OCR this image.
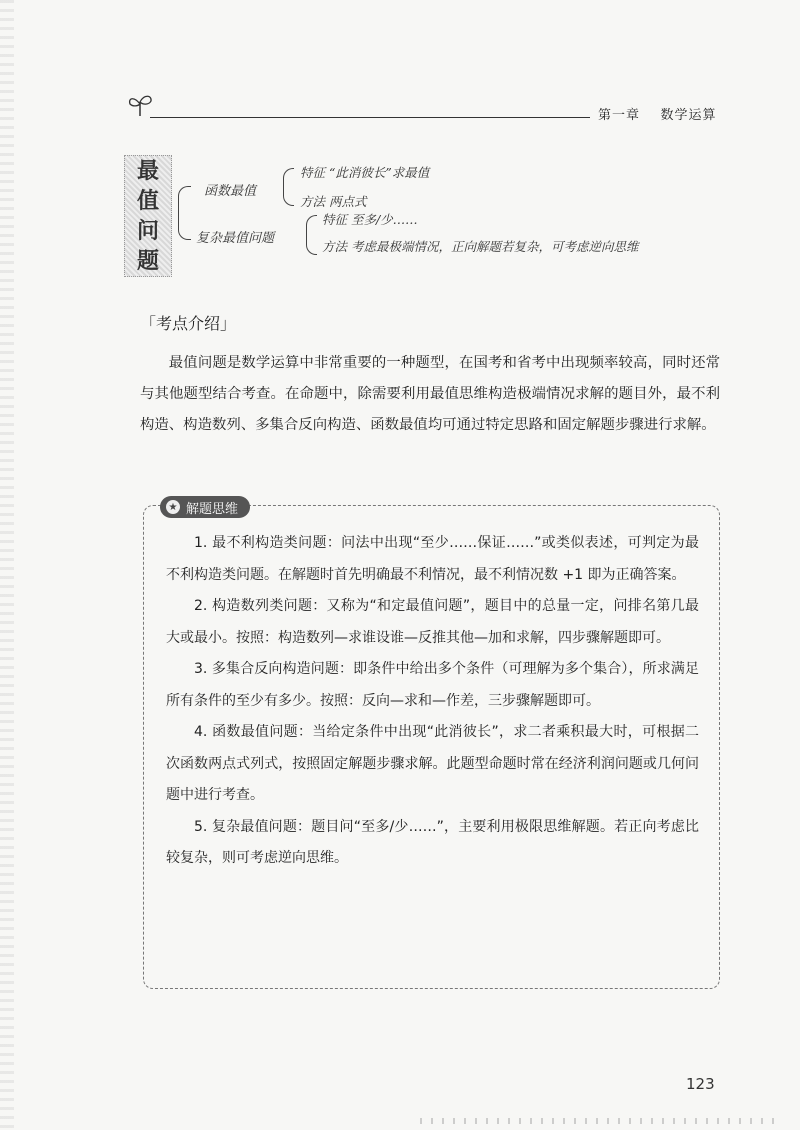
第一章 数学运算
最
值
问
题
函数最值
特征 “此消彼长”求最值
方法 两点式
复杂最值问题
特征 至多/少……
方法 考虑最极端情况，正向解题若复杂，可考虑逆向思维
「考点介绍」

最值问题是数学运算中非常重要的一种题型，在国考和省考中出现频率较高，同时还常与其他题型结合考查。在命题中，除需要利用最值思维构造极端情况求解的题目外，最不利构造、构造数列、多集合反向构造、函数最值均可通过特定思路和固定解题步骤进行求解。

★ 解题思维

1. 最不利构造类问题：问法中出现“至少……保证……”或类似表述，可判定为最不利构造类问题。在解题时首先明确最不利情况，最不利情况数 +1 即为正确答案。

2. 构造数列类问题：又称为“和定最值问题”，题目中的总量一定，问排名第几最大或最小。按照：构造数列—求谁设谁—反推其他—加和求解，四步骤解题即可。

3. 多集合反向构造问题：即条件中给出多个条件（可理解为多个集合），所求满足所有条件的至少有多少。按照：反向—求和—作差，三步骤解题即可。

4. 函数最值问题：当给定条件中出现“此消彼长”，求二者乘积最大时，可根据二次函数两点式列式，按照固定解题步骤求解。此题型命题时常在经济利润问题或几何问题中进行考查。

5. 复杂最值问题：题目问“至多/少……”，主要利用极限思维解题。若正向考虑比较复杂，则可考虑逆向思维。

123
